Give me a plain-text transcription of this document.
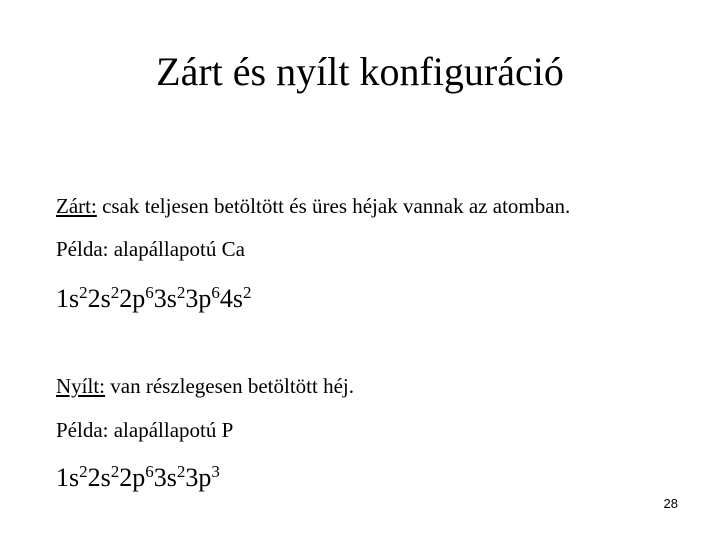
Zárt és nyílt konfiguráció
Zárt: csak teljesen betöltött és üres héjak vannak az atomban.
Példa: alapállapotú Ca
$1s^22s^22p^63s^23p^64s^2$
Nyílt: van részlegesen betöltött héj.
Példa: alapállapotú P
$1s^22s^22p^63s^23p^3$
28
